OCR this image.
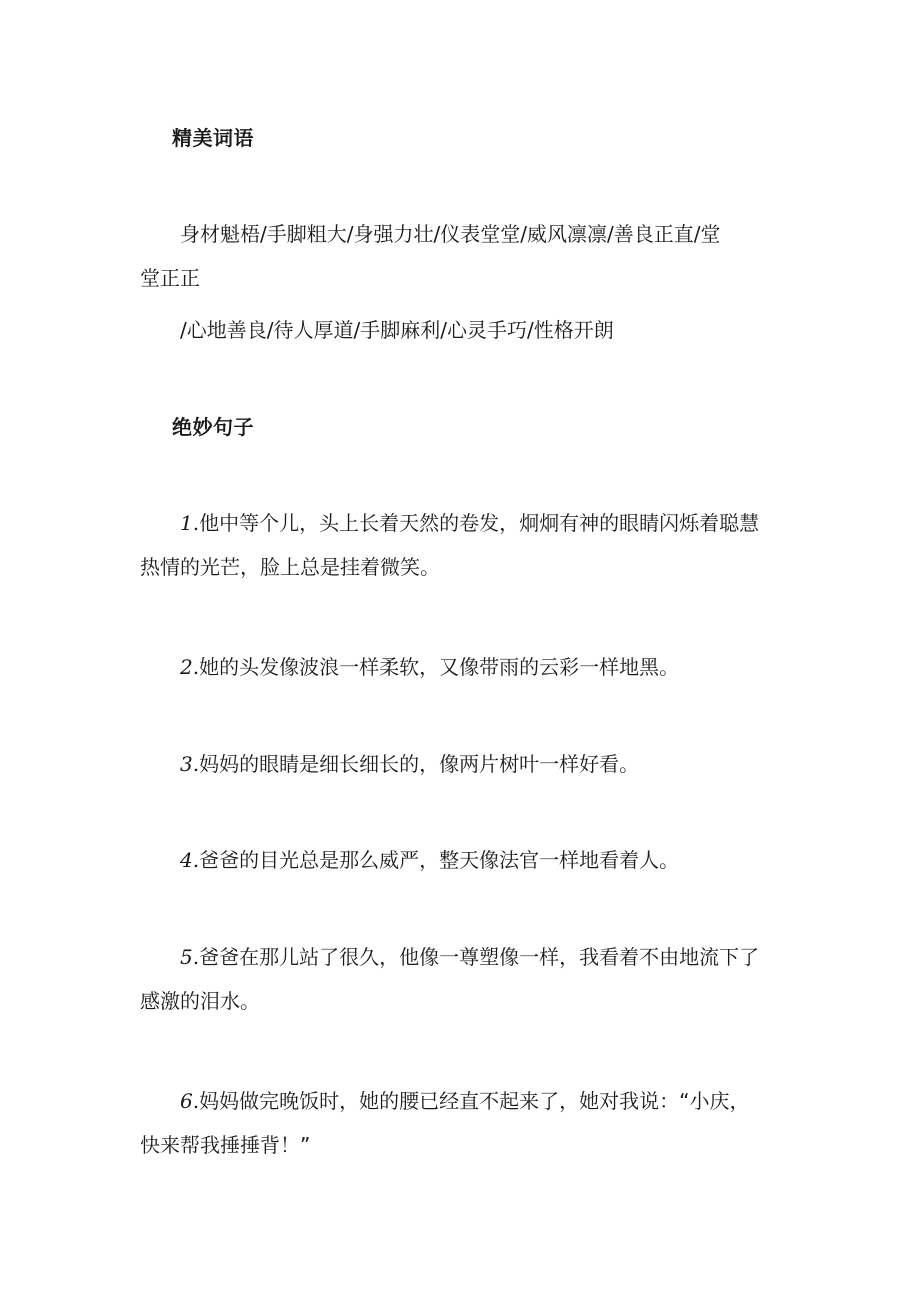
精美词语
身材魁梧/手脚粗大/身强力壮/仪表堂堂/威风凛凛/善良正直/堂
堂正正
/心地善良/待人厚道/手脚麻利/心灵手巧/性格开朗
绝妙句子
1.他中等个儿，头上长着天然的卷发，炯炯有神的眼睛闪烁着聪慧
热情的光芒，脸上总是挂着微笑。
2.她的头发像波浪一样柔软，又像带雨的云彩一样地黑。
3.妈妈的眼睛是细长细长的，像两片树叶一样好看。
4.爸爸的目光总是那么威严，整天像法官一样地看着人。
5.爸爸在那儿站了很久，他像一尊塑像一样，我看着不由地流下了
感激的泪水。
6.妈妈做完晚饭时，她的腰已经直不起来了，她对我说：“小庆，
快来帮我捶捶背！”
